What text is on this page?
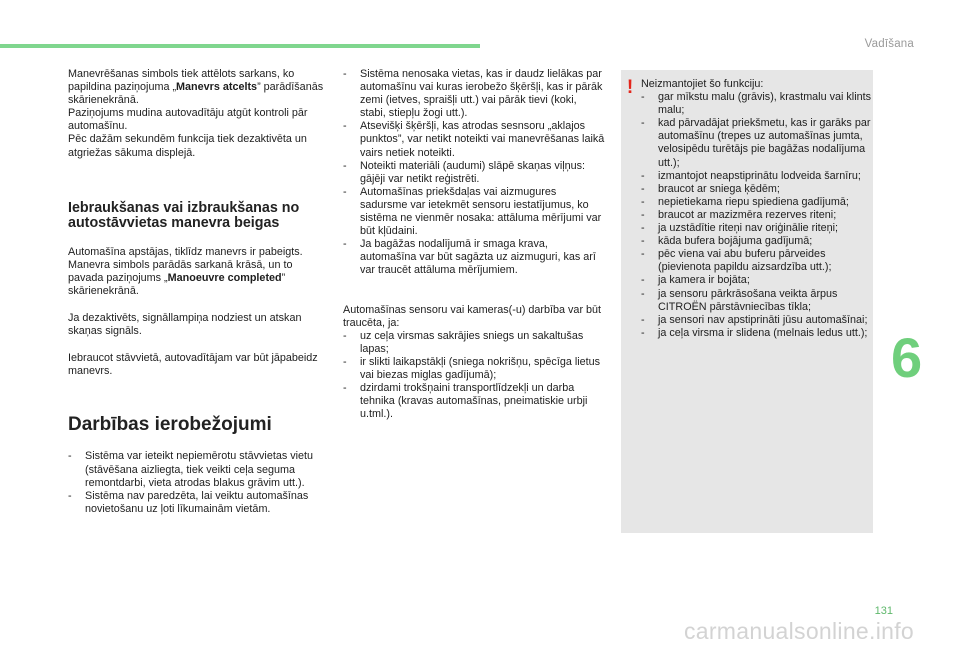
Vadīšana
6

Manevrēšanas simbols tiek attēlots sarkans, ko papildina paziņojuma „Manevrs atcelts” parādīšanās skārienekrānā.
Paziņojums mudina autovadītāju atgūt kontroli pār automašīnu.
Pēc dažām sekundēm funkcija tiek dezaktivēta un atgriežas sākuma displejā.

Iebraukšanas vai izbraukšanas no autostāvvietas manevra beigas

Automašīna apstājas, tiklīdz manevrs ir pabeigts.
Manevra simbols parādās sarkanā krāsā, un to pavada paziņojums „Manoeuvre completed” skārienekrānā.

Ja dezaktivēts, signāllampiņa nodziest un atskan skaņas signāls.

Iebraucot stāvvietā, autovadītājam var būt jāpabeidz manevrs.

Darbības ierobežojumi
- Sistēma var ieteikt nepiemērotu stāvvietas vietu (stāvēšana aizliegta, tiek veikti ceļa seguma remontdarbi, vieta atrodas blakus grāvim utt.).
- Sistēma nav paredzēta, lai veiktu automašīnas novietošanu uz ļoti līkumainām vietām.
- Sistēma nenosaka vietas, kas ir daudz lielākas par automašīnu vai kuras ierobežo šķēršļi, kas ir pārāk zemi (ietves, spraišļi utt.) vai pārāk tievi (koki, stabi, stiepļu žogi utt.).
- Atsevišķi šķēršļi, kas atrodas sesnsoru „aklajos punktos”, var netikt noteikti vai manevrēšanas laikā vairs netiek noteikti.
- Noteikti materiāli (audumi) slāpē skaņas viļņus: gājēji var netikt reģistrēti.
- Automašīnas priekšdaļas vai aizmugures sadursme var ietekmēt sensoru iestatījumus, ko sistēma ne vienmēr nosaka: attāluma mērījumi var būt kļūdaini.
- Ja bagāžas nodalījumā ir smaga krava, automašīna var būt sagāzta uz aizmuguri, kas arī var traucēt attāluma mērījumiem.

Automašīnas sensoru vai kameras(-u) darbība var būt traucēta, ja:

- uz ceļa virsmas sakrājies sniegs un sakaltušas lapas;
- ir slikti laikapstākļi (sniega nokrišņu, spēcīga lietus vai biezas miglas gadījumā);
- dzirdami trokšņaini transportlīdzekļi un darba tehnika (kravas automašīnas, pneimatiskie urbji u.tml.).
! Neizmantojiet šo funkciju:

- gar mīkstu malu (grāvis), krastmalu vai klints malu;
- kad pārvadājat priekšmetu, kas ir garāks par automašīnu (trepes uz automašīnas jumta, velosipēdu turētājs pie bagāžas nodalījuma utt.);
- izmantojot neapstiprinātu lodveida šarnīru;
- braucot ar sniega ķēdēm;
- nepietiekama riepu spiediena gadījumā;
- braucot ar mazizmēra rezerves riteni;
- ja uzstādītie riteņi nav oriģinālie riteņi;
- kāda bufera bojājuma gadījumā;
- pēc viena vai abu buferu pārveides (pievienota papildu aizsardzība utt.);
- ja kamera ir bojāta;
- ja sensoru pārkrāsošana veikta ārpus CITROËN pārstāvniecības tīkla;
- ja sensori nav apstiprināti jūsu automašīnai;
- ja ceļa virsma ir slidena (melnais ledus utt.);
131
carmanualsonline.info
